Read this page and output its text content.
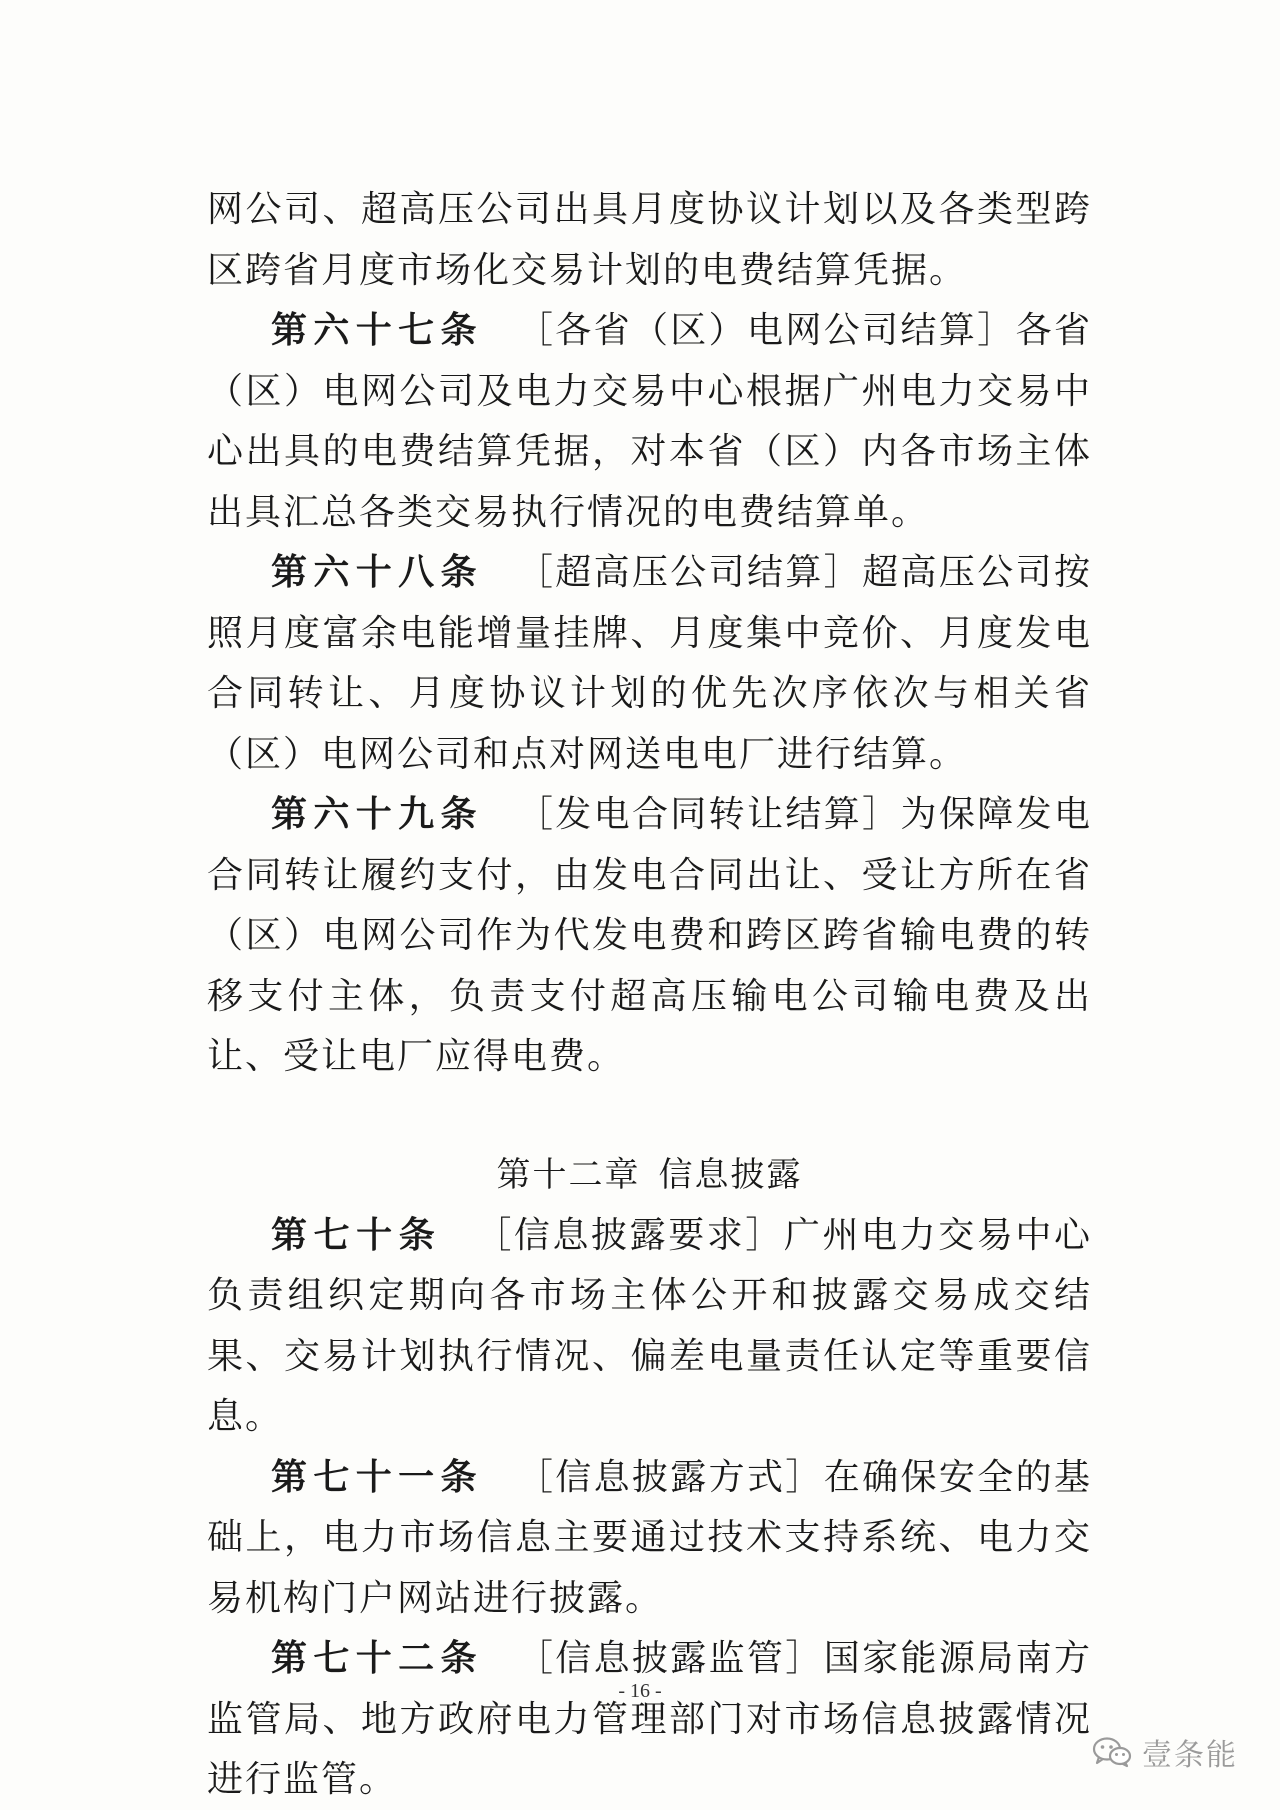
网公司、超高压公司出具月度协议计划以及各类型跨区跨省月度市场化交易计划的电费结算凭据。

第六十七条 ［各省（区）电网公司结算］各省（区）电网公司及电力交易中心根据广州电力交易中心出具的电费结算凭据，对本省（区）内各市场主体出具汇总各类交易执行情况的电费结算单。

第六十八条 ［超高压公司结算］超高压公司按照月度富余电能增量挂牌、月度集中竞价、月度发电合同转让、月度协议计划的优先次序依次与相关省（区）电网公司和点对网送电电厂进行结算。

第六十九条 ［发电合同转让结算］为保障发电合同转让履约支付，由发电合同出让、受让方所在省（区）电网公司作为代发电费和跨区跨省输电费的转移支付主体，负责支付超高压输电公司输电费及出让、受让电厂应得电费。

第十二章 信息披露

第七十条 ［信息披露要求］广州电力交易中心负责组织定期向各市场主体公开和披露交易成交结果、交易计划执行情况、偏差电量责任认定等重要信息。

第七十一条 ［信息披露方式］在确保安全的基础上，电力市场信息主要通过技术支持系统、电力交易机构门户网站进行披露。

第七十二条 ［信息披露监管］国家能源局南方监管局、地方政府电力管理部门对市场信息披露情况进行监管。

- 16 -
壹条能
